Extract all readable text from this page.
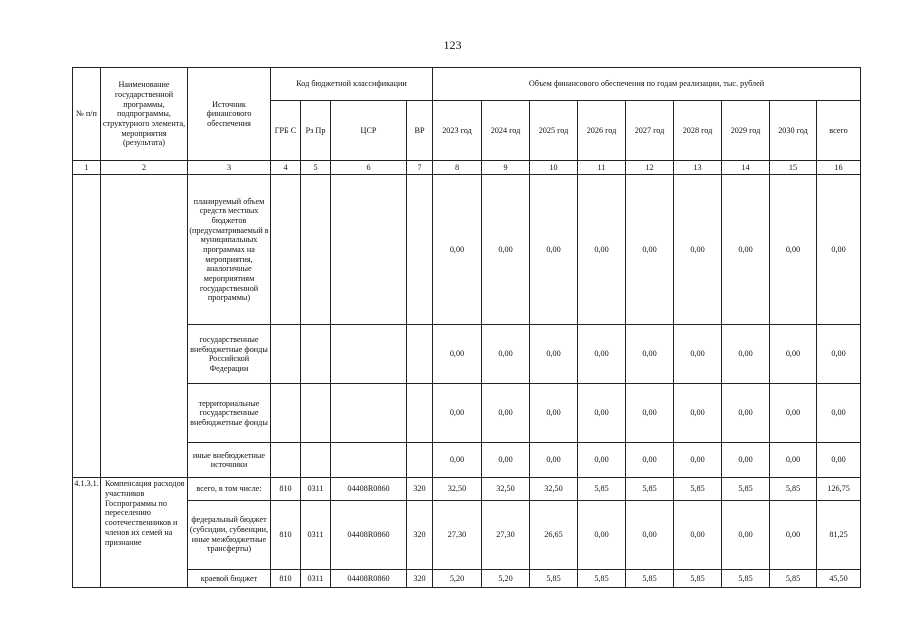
123
№ п/п	Наименование государственной программы, подпрограммы, структурного элемента, мероприятия (результата)	Источник финансового обеспечения	Код бюджетной классификации				Объем финансового обеспечения по годам реализации, тыс. рублей								
			ГРБ С	Рз Пр	ЦСР	ВР	2023 год	2024 год	2025 год	2026 год	2027 год	2028 год	2029 год	2030 год	всего
1	2	3	4	5	6	7	8	9	10	11	12	13	14	15	16
		планируемый объем средств местных бюджетов (предусматриваемый в муниципальных программах на мероприятия, аналогичные мероприятиям государственной программы)					0,00	0,00	0,00	0,00	0,00	0,00	0,00	0,00	0,00
		государственные внебюджетные фонды Российской Федерации					0,00	0,00	0,00	0,00	0,00	0,00	0,00	0,00	0,00
		территориальные государственные внебюджетные фонды					0,00	0,00	0,00	0,00	0,00	0,00	0,00	0,00	0,00
		иные внебюджетные источники					0,00	0,00	0,00	0,00	0,00	0,00	0,00	0,00	0,00
4.1.3.1.	Компенсация расходов участников Госпрограммы по переселению соотечественников и членов их семей на признание	всего, в том числе:	810	0311	04408R0860	320	32,50	32,50	32,50	5,85	5,85	5,85	5,85	5,85	126,75
		федеральный бюджет (субсидии, субвенции, иные межбюджетные трансферты)	810	0311	04408R0860	320	27,30	27,30	26,65	0,00	0,00	0,00	0,00	0,00	81,25
		краевой бюджет	810	0311	04408R0860	320	5,20	5,20	5,85	5,85	5,85	5,85	5,85	5,85	45,50
